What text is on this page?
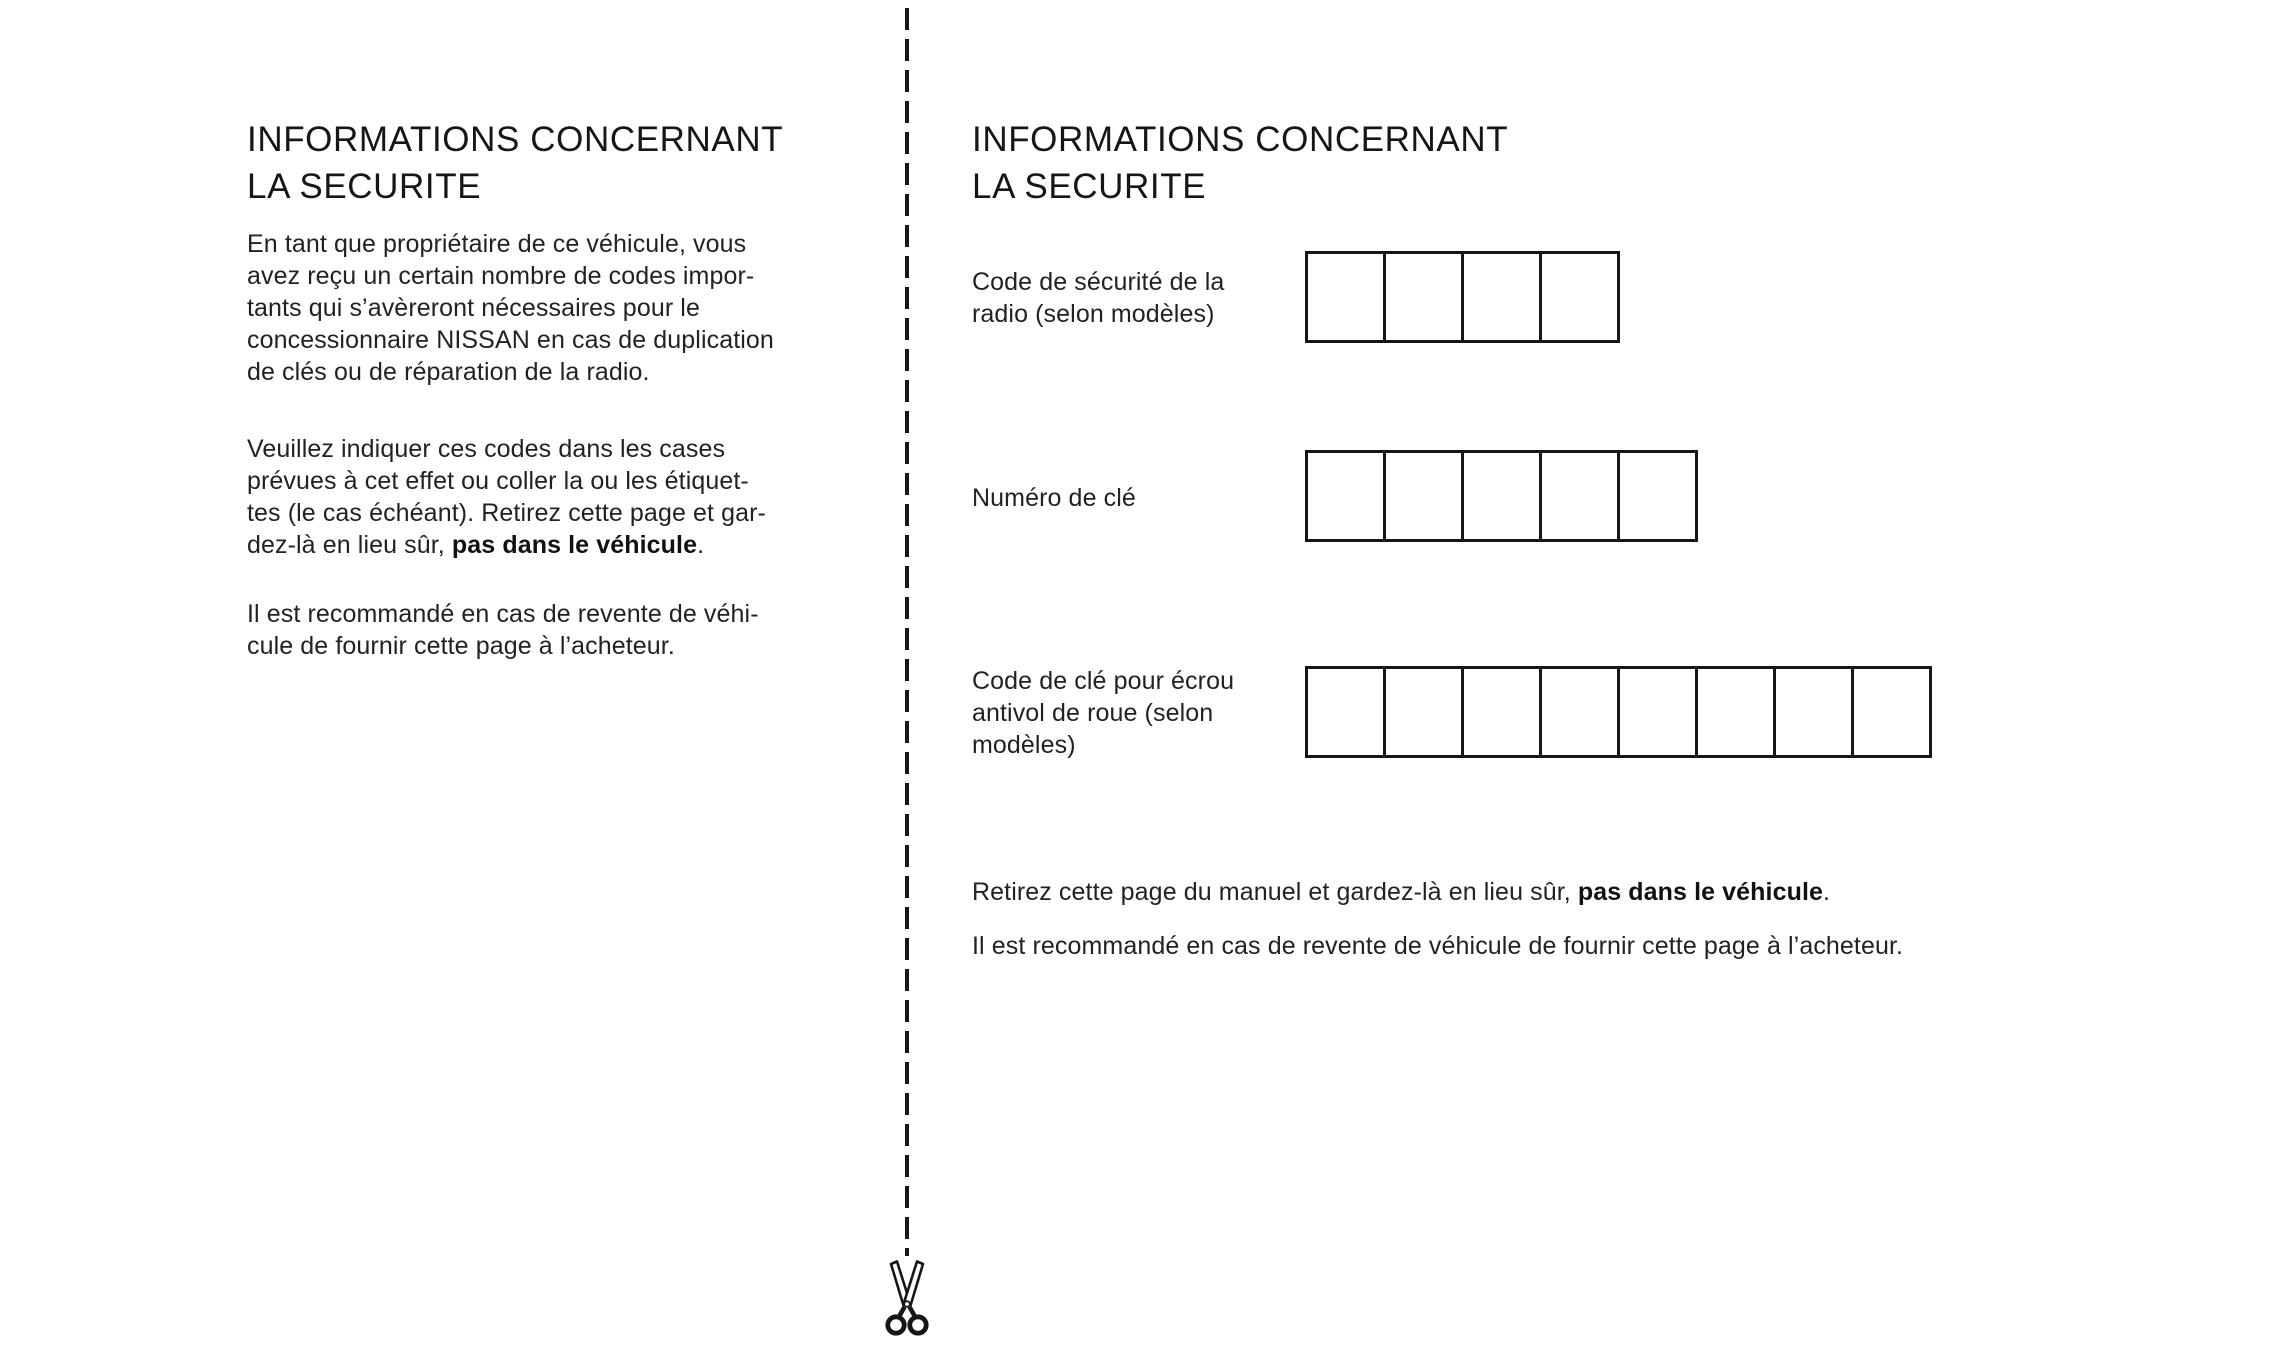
INFORMATIONS CONCERNANT
LA SECURITE
En tant que propriétaire de ce véhicule, vous
avez reçu un certain nombre de codes impor-
tants qui s’avèreront nécessaires pour le
concessionnaire NISSAN en cas de duplication
de clés ou de réparation de la radio.
Veuillez indiquer ces codes dans les cases
prévues à cet effet ou coller la ou les étiquet-
tes (le cas échéant). Retirez cette page et gar-
dez-là en lieu sûr, pas dans le véhicule.
Il est recommandé en cas de revente de véhi-
cule de fournir cette page à l’acheteur.
INFORMATIONS CONCERNANT
LA SECURITE
Code de sécurité de la
radio (selon modèles)
Numéro de clé
Code de clé pour écrou
antivol de roue (selon
modèles)
Retirez cette page du manuel et gardez-là en lieu sûr, pas dans le véhicule.
Il est recommandé en cas de revente de véhicule de fournir cette page à l’acheteur.
